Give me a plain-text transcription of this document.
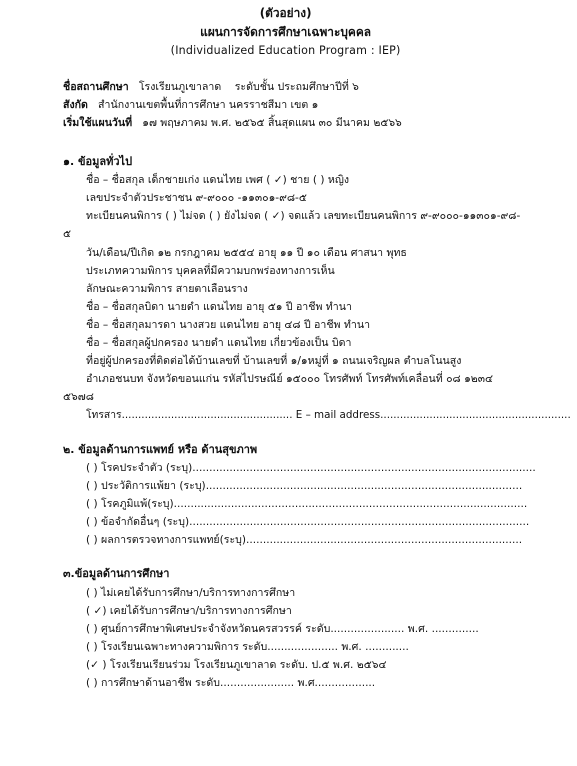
(ตัวอย่าง)
แผนการจัดการศึกษาเฉพาะบุคคล
(Individualized Education Program : IEP)
ชื่อสถานศึกษา โรงเรียนภูเขาลาด ระดับชั้น ประถมศึกษาปีที่ ๖
สังกัด สำนักงานเขตพื้นที่การศึกษา นครราชสีมา เขต ๑
เริ่มใช้แผนวันที่ ๑๗ พฤษภาคม พ.ศ. ๒๕๖๕ สิ้นสุดแผน ๓๐ มีนาคม ๒๕๖๖
๑. ข้อมูลทั่วไป
ชื่อ – ชื่อสกุล เด็กชายเก่ง แดนไทย เพศ ( ✓) ชาย ( ) หญิง
เลขประจำตัวประชาชน ๙-๙๐๐๐ -๑๑๓๐๑-๙๘-๕
ทะเบียนคนพิการ ( ) ไม่จด ( ) ยังไม่จด ( ✓) จดแล้ว เลขทะเบียนคนพิการ ๙-๙๐๐๐-๑๑๓๐๑-๙๘-
๕
วัน/เดือน/ปีเกิด ๑๒ กรกฎาคม ๒๕๕๔ อายุ ๑๑ ปี ๑๐ เดือน ศาสนา พุทธ
ประเภทความพิการ บุคคลที่มีความบกพร่องทางการเห็น
ลักษณะความพิการ สายตาเลือนราง
ชื่อ – ชื่อสกุลบิดา นายดำ แดนไทย อายุ ๕๑ ปี อาชีพ ทำนา
ชื่อ – ชื่อสกุลมารดา นางสวย แดนไทย อายุ ๔๘ ปี อาชีพ ทำนา
ชื่อ – ชื่อสกุลผู้ปกครอง นายดำ แดนไทย เกี่ยวข้องเป็น บิดา
ที่อยู่ผู้ปกครองที่ติดต่อได้บ้านเลขที่ บ้านเลขที่ ๑/๑หมู่ที่ ๑ ถนนเจริญผล ตำบลโนนสูง
อำเภอชนบท จังหวัดขอนแก่น รหัสไปรษณีย์ ๑๕๐๐๐ โทรศัพท์ โทรศัพท์เคลื่อนที่ ๐๘ ๑๒๓๔
๕๖๗๘
โทรสาร.................................................... E – mail address..........................................................
๒. ข้อมูลด้านการแพทย์ หรือ ด้านสุขภาพ
( ) โรคประจำตัว (ระบุ)......................................................................................................
( ) ประวัติการแพ้ยา (ระบุ)..............................................................................................
( ) โรคภูมิแพ้(ระบุ).........................................................................................................
( ) ข้อจำกัดอื่นๆ (ระบุ).....................................................................................................
( ) ผลการตรวจทางการแพทย์(ระบุ)..................................................................................
๓.ข้อมูลด้านการศึกษา
( ) ไม่เคยได้รับการศึกษา/บริการทางการศึกษา
( ✓) เคยได้รับการศึกษา/บริการทางการศึกษา
( ) ศูนย์การศึกษาพิเศษประจำจังหวัดนครสวรรค์ ระดับ...................... พ.ศ. ..............
( ) โรงเรียนเฉพาะทางความพิการ ระดับ..................... พ.ศ. .............
(✓ ) โรงเรียนเรียนร่วม โรงเรียนภูเขาลาด ระดับ. ป.๕ พ.ศ. ๒๕๖๔
( ) การศึกษาด้านอาชีพ ระดับ...................... พ.ศ..................
